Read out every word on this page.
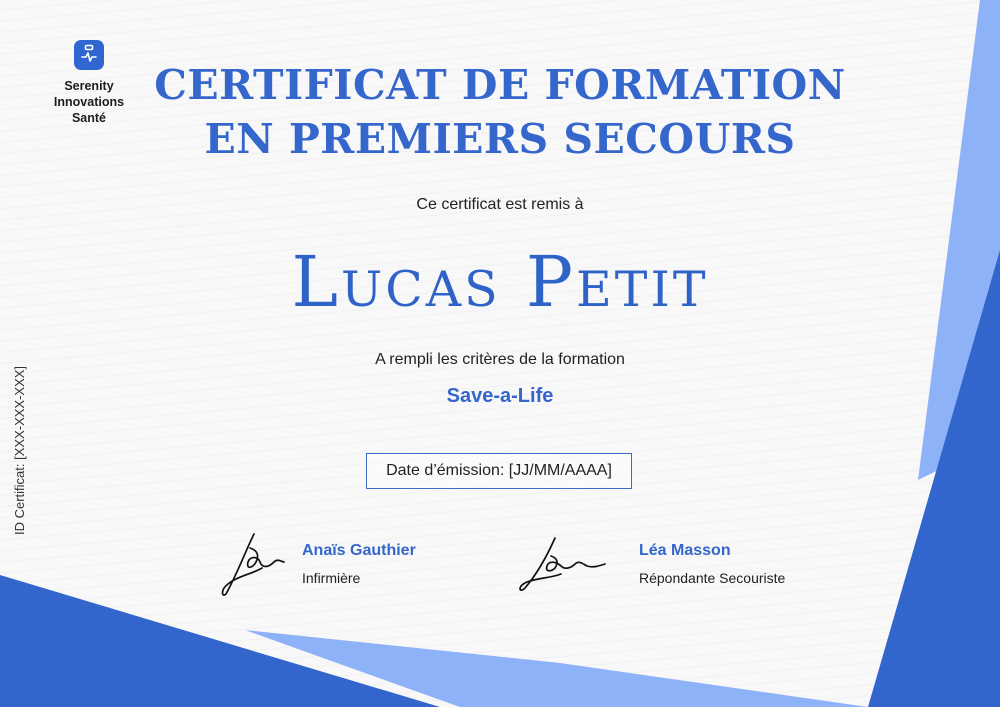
Serenity
Innovations
Santé
CERTIFICAT DE FORMATION
EN PREMIERS SECOURS
Ce certificat est remis à
Lucas Petit
A rempli les critères de la formation
Save-a-Life
Date d’émission: [JJ/MM/AAAA]
ID Certificat: [XXX-XXX-XXX]
Anaïs Gauthier
Infirmière
Léa Masson
Répondante Secouriste
